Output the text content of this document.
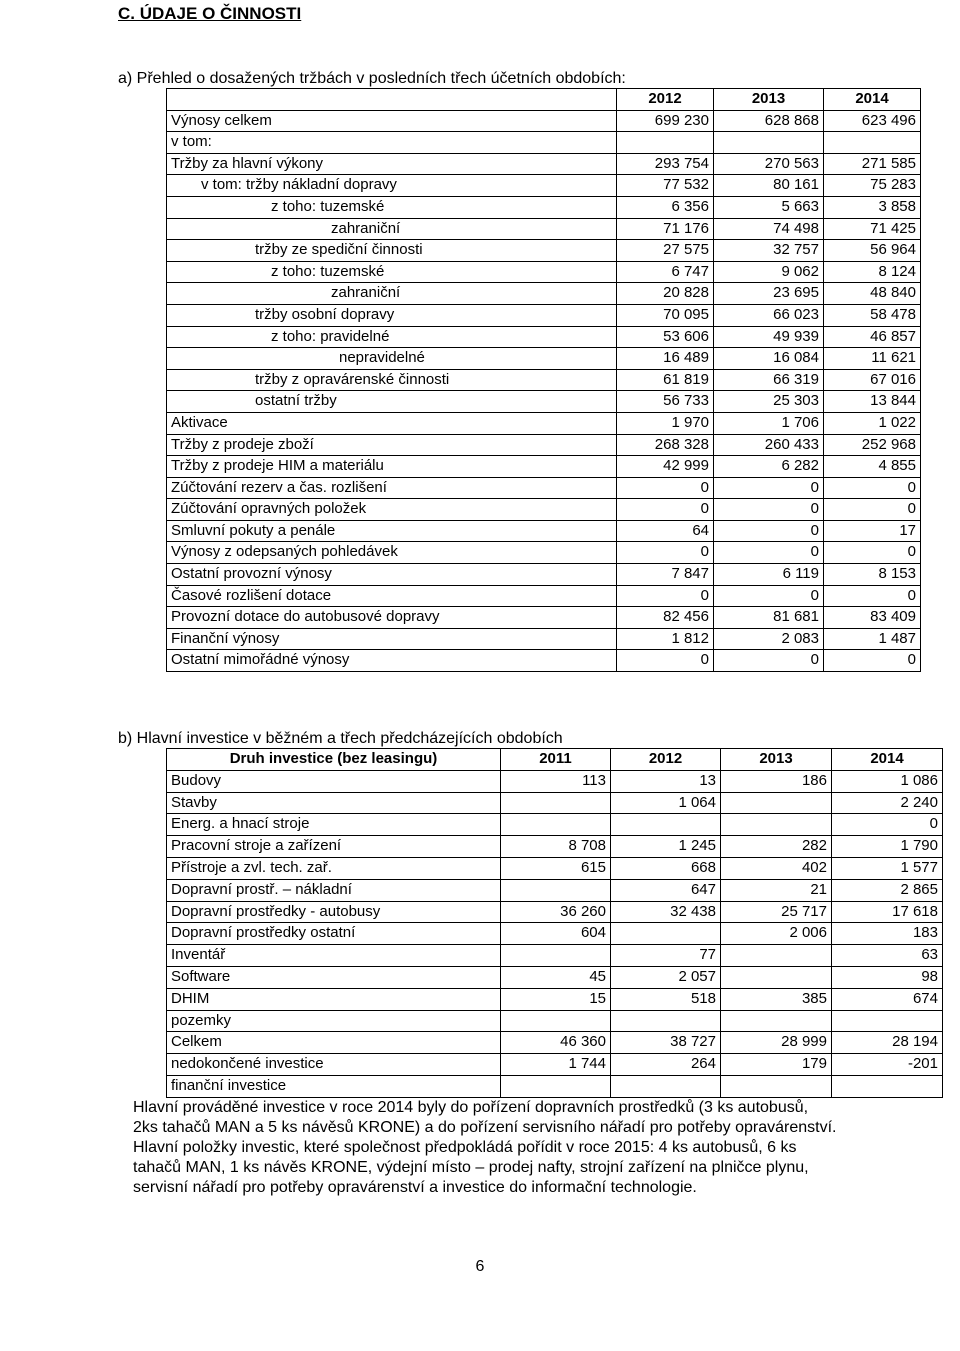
C. ÚDAJE O ČINNOSTI
a) Přehled o dosažených tržbách v posledních třech účetních obdobích:
	2012	2013	2014
Výnosy celkem	699 230	628 868	623 496
v tom:			
Tržby za hlavní výkony	293 754	270 563	271 585
v tom: tržby nákladní dopravy	77 532	80 161	75 283
z toho: tuzemské	6 356	5 663	3 858
zahraniční	71 176	74 498	71 425
tržby ze spediční činnosti	27 575	32 757	56 964
z toho: tuzemské	6 747	9 062	8 124
zahraniční	20 828	23 695	48 840
tržby osobní dopravy	70 095	66 023	58 478
z toho: pravidelné	53 606	49 939	46 857
nepravidelné	16 489	16 084	11 621
tržby z opravárenské činnosti	61 819	66 319	67 016
ostatní tržby	56 733	25 303	13 844
Aktivace	1 970	1 706	1 022
Tržby z prodeje zboží	268 328	260 433	252 968
Tržby z prodeje HIM a materiálu	42 999	6 282	4 855
Zúčtování rezerv a čas. rozlišení	0	0	0
Zúčtování opravných položek	0	0	0
Smluvní pokuty a penále	64	0	17
Výnosy z odepsaných pohledávek	0	0	0
Ostatní provozní výnosy	7 847	6 119	8 153
Časové rozlišení dotace	0	0	0
Provozní dotace do autobusové dopravy	82 456	81 681	83 409
Finanční výnosy	1 812	2 083	1 487
Ostatní mimořádné výnosy	0	0	0
b) Hlavní investice v běžném a třech předcházejících obdobích
Druh investice (bez leasingu)	2011	2012	2013	2014
Budovy	113	13	186	1 086
Stavby		1 064		2 240
Energ. a hnací stroje				0
Pracovní stroje a zařízení	8 708	1 245	282	1 790
Přístroje a zvl. tech. zař.	615	668	402	1 577
Dopravní prostř. – nákladní		647	21	2 865
Dopravní prostředky - autobusy	36 260	32 438	25 717	17 618
Dopravní prostředky ostatní	604		2 006	183
Inventář		77		63
Software	45	2 057		98
DHIM	15	518	385	674
pozemky				
Celkem	46 360	38 727	28 999	28 194
nedokončené investice	1 744	264	179	-201
finanční investice				

Hlavní prováděné investice v roce 2014 byly do pořízení dopravních prostředků (3 ks autobusů,

2ks tahačů MAN a 5 ks návěsů KRONE) a do pořízení servisního nářadí pro potřeby opravárenství.

Hlavní položky investic, které společnost předpokládá pořídit v roce 2015: 4 ks autobusů, 6 ks

tahačů MAN, 1 ks návěs KRONE, výdejní místo – prodej nafty, strojní zařízení na plničce plynu,

servisní nářadí pro potřeby opravárenství a investice do informační technologie.

6
